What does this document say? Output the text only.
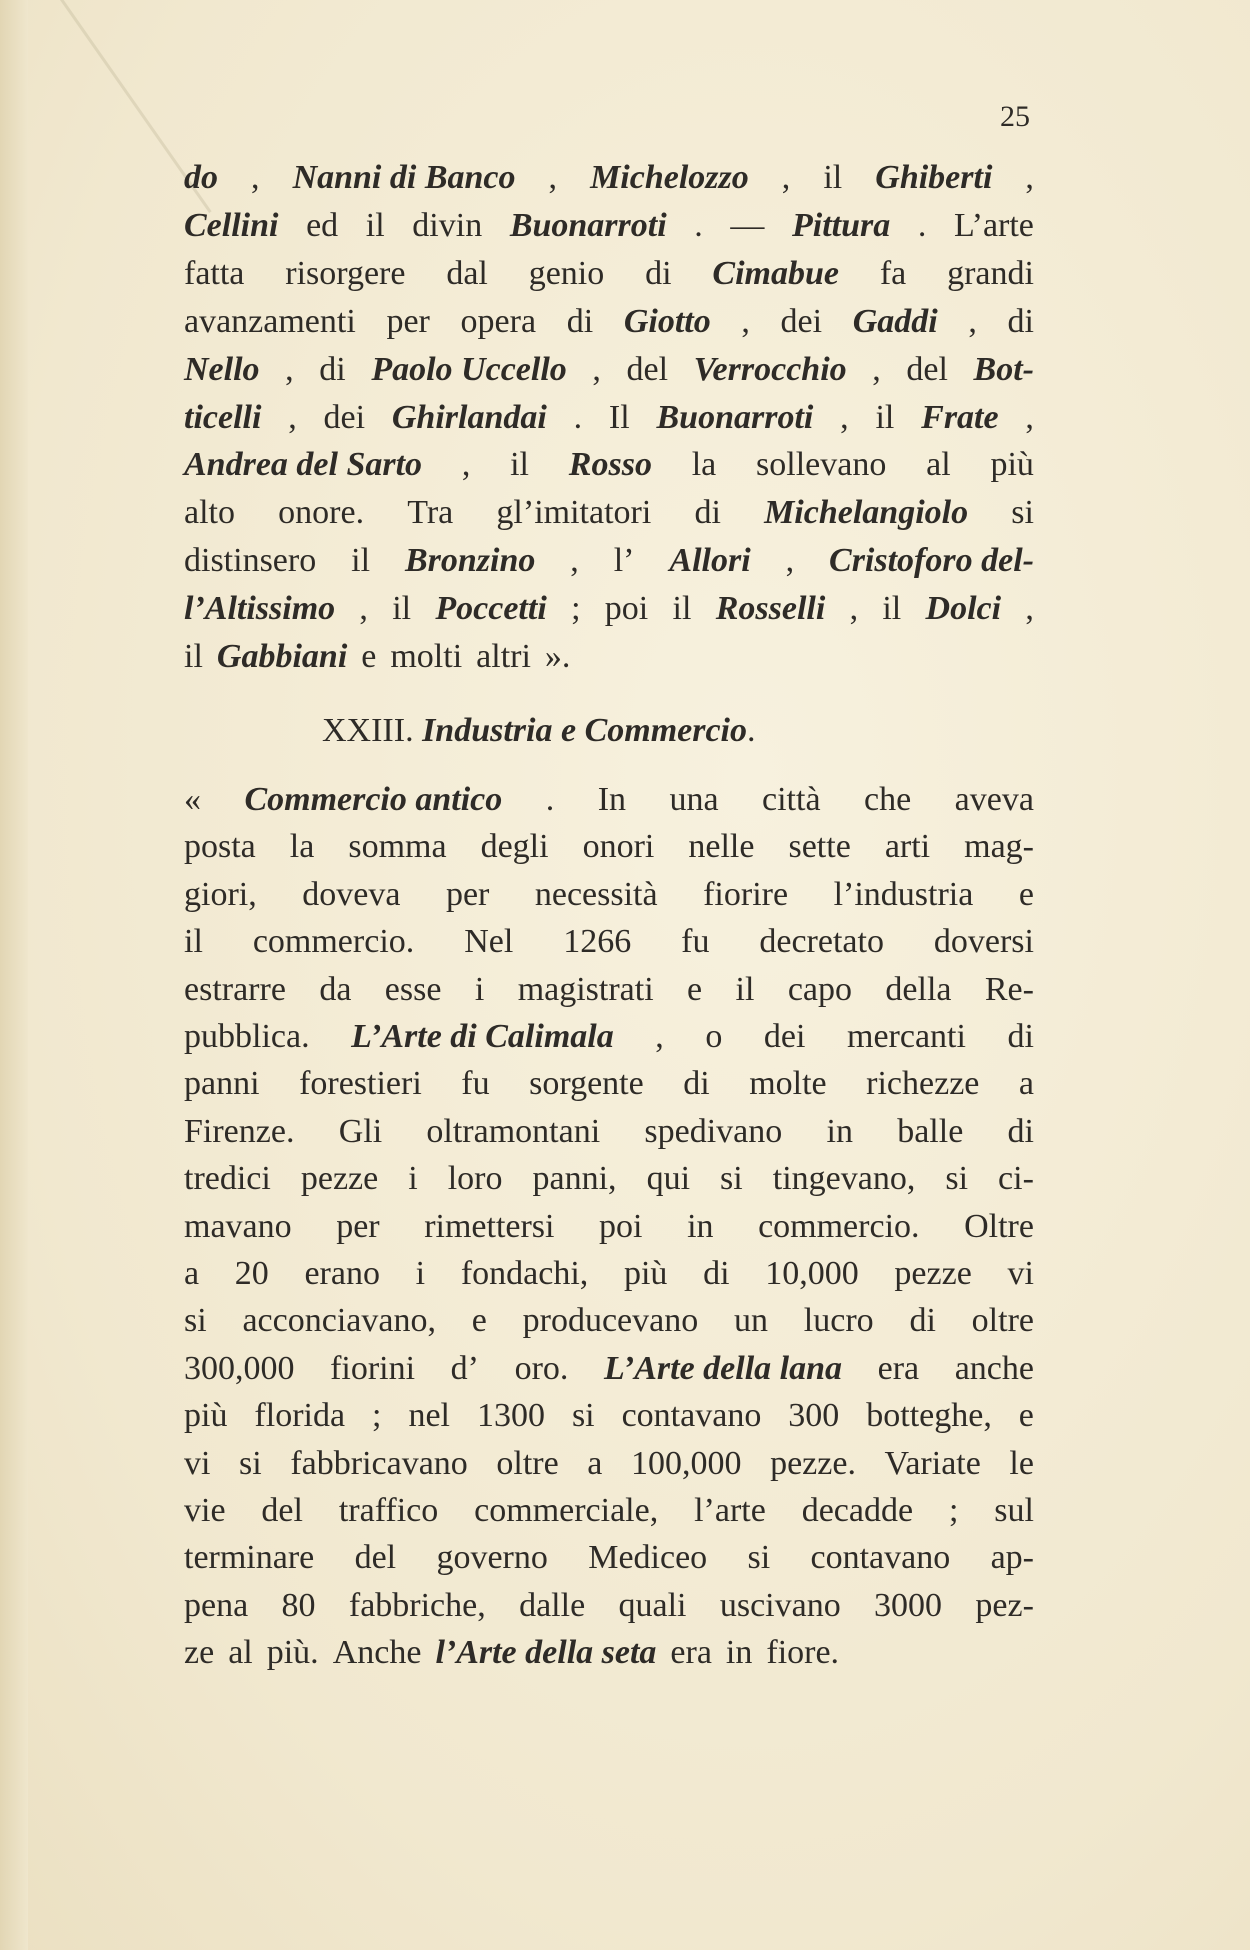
25
do , Nanni di Banco , Michelozzo , il Ghiberti ,
Cellini ed il divin Buonarroti . — Pittura . L’arte
fatta risorgere dal genio di Cimabue fa grandi
avanzamenti per opera di Giotto , dei Gaddi , di
Nello , di Paolo Uccello , del Verrocchio , del Bot-
ticelli , dei Ghirlandai . Il Buonarroti , il Frate ,
Andrea del Sarto , il Rosso la sollevano al più
alto onore. Tra gl’imitatori di Michelangiolo si
distinsero il Bronzino , l’ Allori , Cristoforo del-
l’Altissimo , il Poccetti ; poi il Rosselli , il Dolci ,
il Gabbiani e molti altri ».
XXIII. Industria e Commercio.
« Commercio antico . In una città che aveva
posta la somma degli onori nelle sette arti mag-
giori, doveva per necessità fiorire l’industria e
il commercio. Nel 1266 fu decretato doversi
estrarre da esse i magistrati e il capo della Re-
pubblica. L’Arte di Calimala , o dei mercanti di
panni forestieri fu sorgente di molte richezze a
Firenze. Gli oltramontani spedivano in balle di
tredici pezze i loro panni, qui si tingevano, si ci-
mavano per rimettersi poi in commercio. Oltre
a 20 erano i fondachi, più di 10,000 pezze vi
si acconciavano, e producevano un lucro di oltre
300,000 fiorini d’ oro. L’Arte della lana era anche
più florida ; nel 1300 si contavano 300 botteghe, e
vi si fabbricavano oltre a 100,000 pezze. Variate le
vie del traffico commerciale, l’arte decadde ; sul
terminare del governo Mediceo si contavano ap-
pena 80 fabbriche, dalle quali uscivano 3000 pez-
ze al più. Anche l’Arte della seta era in fiore.
